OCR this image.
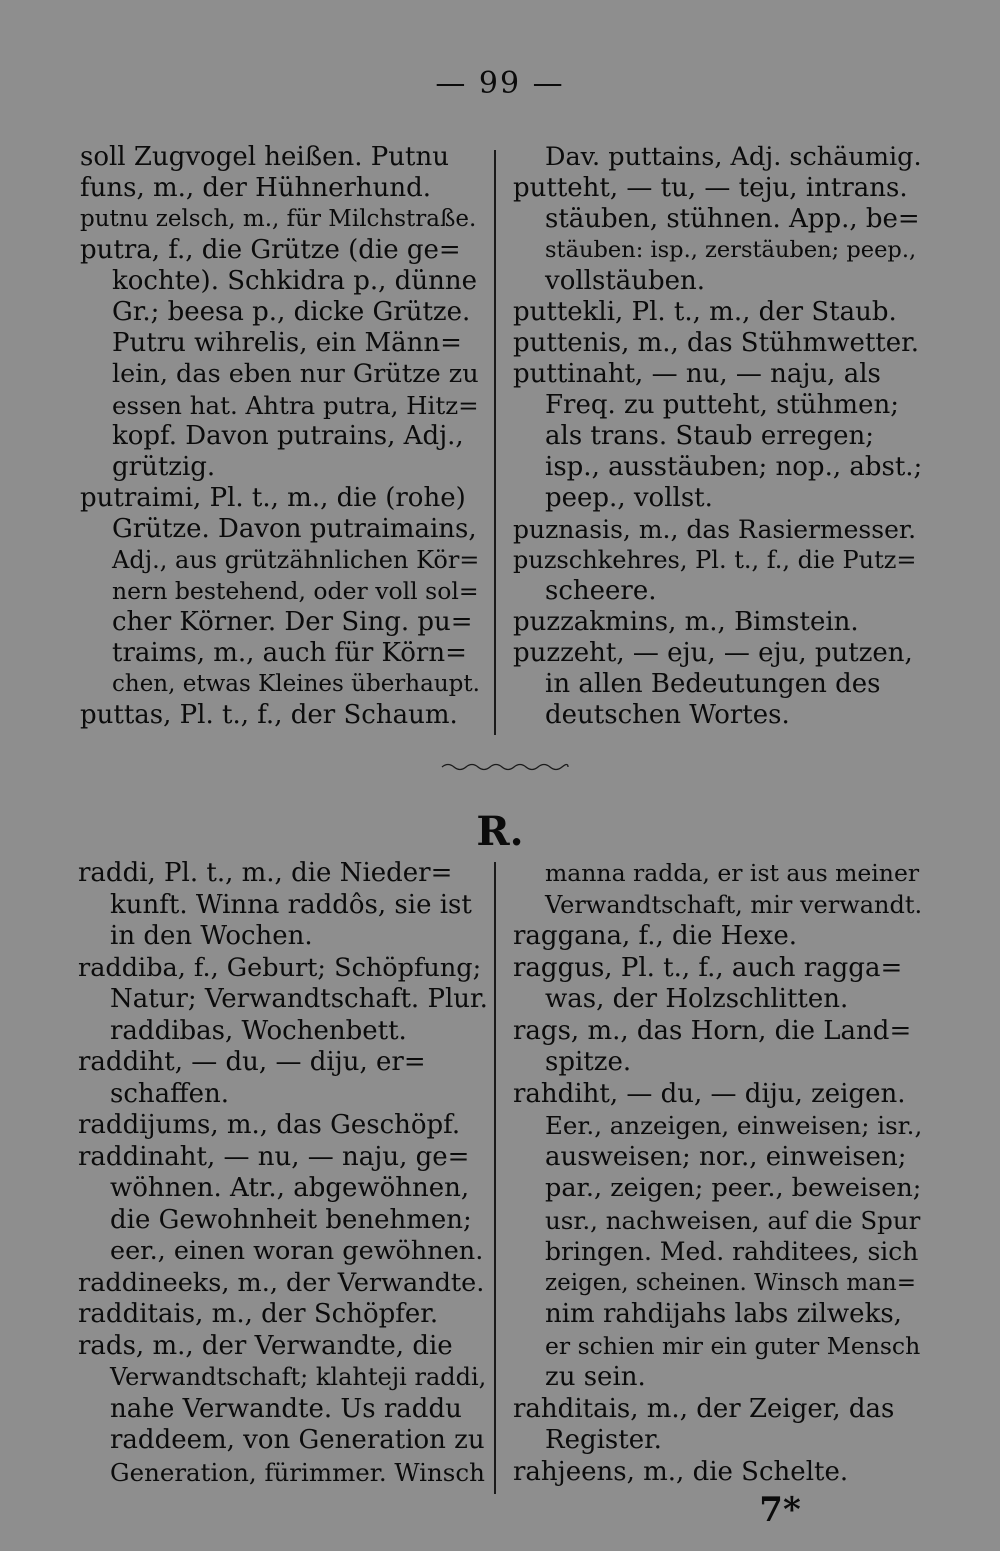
— 99 —
soll Zugvogel heißen. Putnu
funs, m., der Hühnerhund.
putnu zelsch, m., für Milchstraße.
putra, f., die Grütze (die ge=
kochte). Schkidra p., dünne
Gr.; beesa p., dicke Grütze.
Putru wihrelis, ein Männ=
lein, das eben nur Grütze zu
essen hat. Ahtra putra, Hitz=
kopf. Davon putrains, Adj.,
grützig.
putraimi, Pl. t., m., die (rohe)
Grütze. Davon putraimains,
Adj., aus grützähnlichen Kör=
nern bestehend, oder voll sol=
cher Körner. Der Sing. pu=
traims, m., auch für Körn=
chen, etwas Kleines überhaupt.
puttas, Pl. t., f., der Schaum.
Dav. puttains, Adj. schäumig.
putteht, — tu, — teju, intrans.
stäuben, stühnen. App., be=
stäuben: isp., zerstäuben; peep.,
vollstäuben.
puttekli, Pl. t., m., der Staub.
puttenis, m., das Stühmwetter.
puttinaht, — nu, — naju, als
Freq. zu putteht, stühmen;
als trans. Staub erregen;
isp., ausstäuben; nop., abst.;
peep., vollst.
puznasis, m., das Rasiermesser.
puzschkehres, Pl. t., f., die Putz=
scheere.
puzzakmins, m., Bimstein.
puzzeht, — eju, — eju, putzen,
in allen Bedeutungen des
deutschen Wortes.
R.
raddi, Pl. t., m., die Nieder=
kunft. Winna raddôs, sie ist
in den Wochen.
raddiba, f., Geburt; Schöpfung;
Natur; Verwandtschaft. Plur.
raddibas, Wochenbett.
raddiht, — du, — diju, er=
schaffen.
raddijums, m., das Geschöpf.
raddinaht, — nu, — naju, ge=
wöhnen. Atr., abgewöhnen,
die Gewohnheit benehmen;
eer., einen woran gewöhnen.
raddineeks, m., der Verwandte.
radditais, m., der Schöpfer.
rads, m., der Verwandte, die
Verwandtschaft; klahteji raddi,
nahe Verwandte. Us raddu
raddeem, von Generation zu
Generation, fürimmer. Winsch
manna radda, er ist aus meiner
Verwandtschaft, mir verwandt.
raggana, f., die Hexe.
raggus, Pl. t., f., auch ragga=
was, der Holzschlitten.
rags, m., das Horn, die Land=
spitze.
rahdiht, — du, — diju, zeigen.
Eer., anzeigen, einweisen; isr.,
ausweisen; nor., einweisen;
par., zeigen; peer., beweisen;
usr., nachweisen, auf die Spur
bringen. Med. rahditees, sich
zeigen, scheinen. Winsch man=
nim rahdijahs labs zilweks,
er schien mir ein guter Mensch
zu sein.
rahditais, m., der Zeiger, das
Register.
rahjeens, m., die Schelte.
7*
